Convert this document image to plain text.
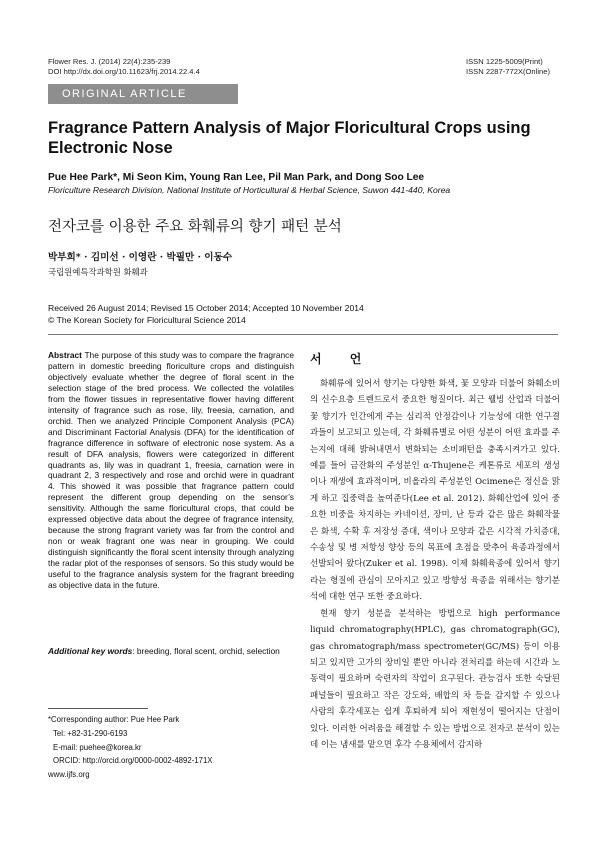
Flower Res. J. (2014) 22(4):235-239
DOI http://dx.doi.org/10.11623/frj.2014.22.4.4
ISSN 1225-5009(Print)
ISSN 2287-772X(Online)
ORIGINAL ARTICLE
Fragrance Pattern Analysis of Major Floricultural Crops using Electronic Nose
Pue Hee Park*, Mi Seon Kim, Young Ran Lee, Pil Man Park, and Dong Soo Lee
Floriculture Research Division, National Institute of Horticultural & Herbal Science, Suwon 441-440, Korea
전자코를 이용한 주요 화훼류의 향기 패턴 분석
박부희* · 김미선 · 이영란 · 박필만 · 이동수
국립원예특작과학원 화훼과
Received 26 August 2014; Revised 15 October 2014; Accepted 10 November 2014
© The Korean Society for Floricultural Science 2014
Abstract The purpose of this study was to compare the fragrance pattern in domestic breeding floriculture crops and distinguish objectively evaluate whether the degree of floral scent in the selection stage of the bred process. We collected the volatiles from the flower tissues in representative flower having different intensity of fragrance such as rose, lily, freesia, carnation, and orchid. Then we analyzed Principle Component Analysis (PCA) and Discriminant Factorial Analysis (DFA) for the identification of fragrance difference in software of electronic nose system. As a result of DFA analysis, flowers were categorized in different quadrants as, lily was in quadrant 1, freesia, carnation were in quadrant 2, 3 respectively and rose and orchid were in quadrant 4. This showed it was possible that fragrance pattern could represent the different group depending on the sensor’s sensitivity. Although the same floricultural crops, that could be expressed objective data about the degree of fragrance intensity, because the strong fragrant variety was far from the control and non or weak fragrant one was near in grouping. We could distinguish significantly the floral scent intensity through analyzing the radar plot of the responses of sensors. So this study would be useful to the fragrance analysis system for the fragrant breeding as objective data in the future.
Additional key words: breeding, floral scent, orchid, selection
*Corresponding author: Pue Hee Park
Tel: +82-31-290-6193
E-mail: puehee@korea.kr
ORCID: http://orcid.org/0000-0002-4892-171X
www.ijfs.org
서 언

화훼류에 있어서 향기는 다양한 화색, 꽃 모양과 더불어 화훼소비의 신수요층 트렌드로서 중요한 형질이다. 최근 웰빙 산업과 더불어 꽃 향기가 인간에게 주는 심리적 안정감이나 기능성에 대한 연구결과들이 보고되고 있는데, 각 화훼류별로 어떤 성분이 어떤 효과를 주는지에 대해 밝혀내면서 변화되는 소비패턴을 충족시켜가고 있다. 예를 들어 금잔화의 주성분인 α-Thujene은 케톤류로 세포의 생성이나 재생에 효과적이며, 비올라의 주성분인 Ocimene은 정신을 맑게 하고 집중력을 높여준다(Lee et al. 2012). 화훼산업에 있어 중요한 비중을 차지하는 카네이션, 장미, 난 등과 같은 많은 화훼작물은 화색, 수확 후 저장성 증대, 색이나 모양과 같은 시각적 가치증대, 수송성 및 병 저항성 향상 등의 목표에 초점을 맞추어 육종과정에서 선발되어 왔다(Zuker et al. 1998). 이제 화훼육종에 있어서 향기라는 형질에 관심이 모아지고 있고 방향성 육종을 위해서는 향기분석에 대한 연구 또한 중요하다.

현재 향기 성분을 분석하는 방법으로 high performance liquid chromatography(HPLC), gas chromatograph(GC), gas chromatograph/mass spectrometer(GC/MS) 등이 이용되고 있지만 고가의 장비일 뿐만 아니라 전처리를 하는데 시간과 노동력이 필요하며 숙련자의 작업이 요구된다. 관능검사 또한 숙달된 패널들이 필요하고 작은 강도와, 배합의 차 등을 감지할 수 있으나 사람의 후각세포는 쉽게 후퇴하게 되어 재현성이 떨어지는 단점이 있다. 이러한 어려움을 해결할 수 있는 방법으로 전자코 분석이 있는데 이는 냄새를 맡으면 후각 수용체에서 감지하
